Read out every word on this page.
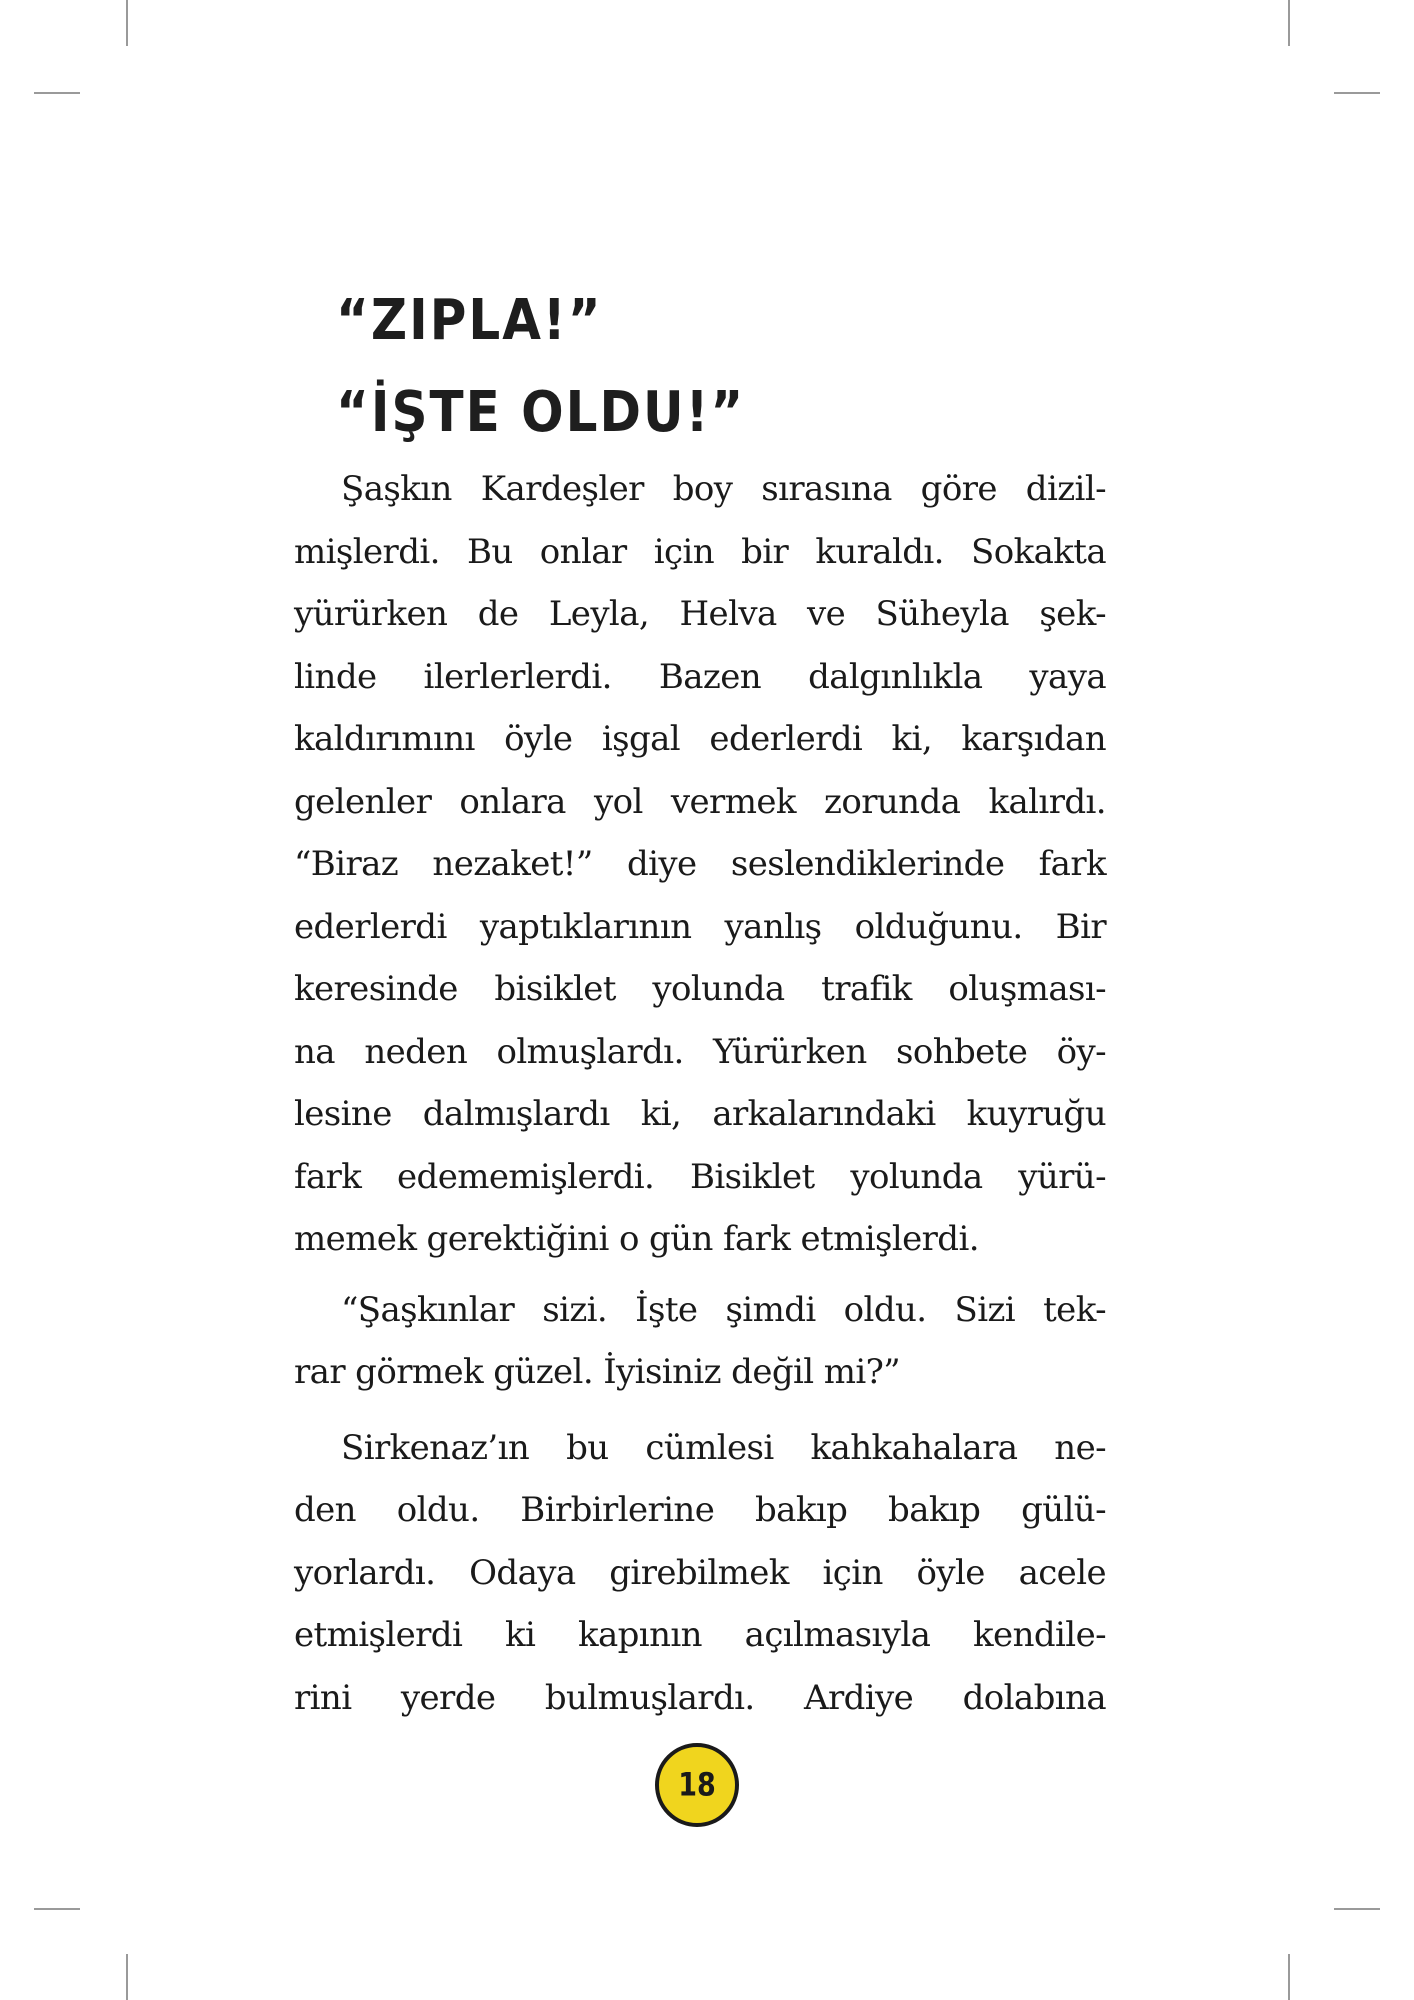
“ZIPLA!”
“İŞTE OLDU!”
Şaşkın Kardeşler boy sırasına göre dizil-
mişlerdi. Bu onlar için bir kuraldı. Sokakta
yürürken de Leyla, Helva ve Süheyla şek-
linde ilerlerlerdi. Bazen dalgınlıkla yaya
kaldırımını öyle işgal ederlerdi ki, karşıdan
gelenler onlara yol vermek zorunda kalırdı.
“Biraz nezaket!” diye seslendiklerinde fark
ederlerdi yaptıklarının yanlış olduğunu. Bir
keresinde bisiklet yolunda trafik oluşması-
na neden olmuşlardı. Yürürken sohbete öy-
lesine dalmışlardı ki, arkalarındaki kuyruğu
fark edememişlerdi. Bisiklet yolunda yürü-
memek gerektiğini o gün fark etmişlerdi.
“Şaşkınlar sizi. İşte şimdi oldu. Sizi tek-
rar görmek güzel. İyisiniz değil mi?”
Sirkenaz’ın bu cümlesi kahkahalara ne-
den oldu. Birbirlerine bakıp bakıp gülü-
yorlardı. Odaya girebilmek için öyle acele
etmişlerdi ki kapının açılmasıyla kendile-
rini yerde bulmuşlardı. Ardiye dolabına
18
